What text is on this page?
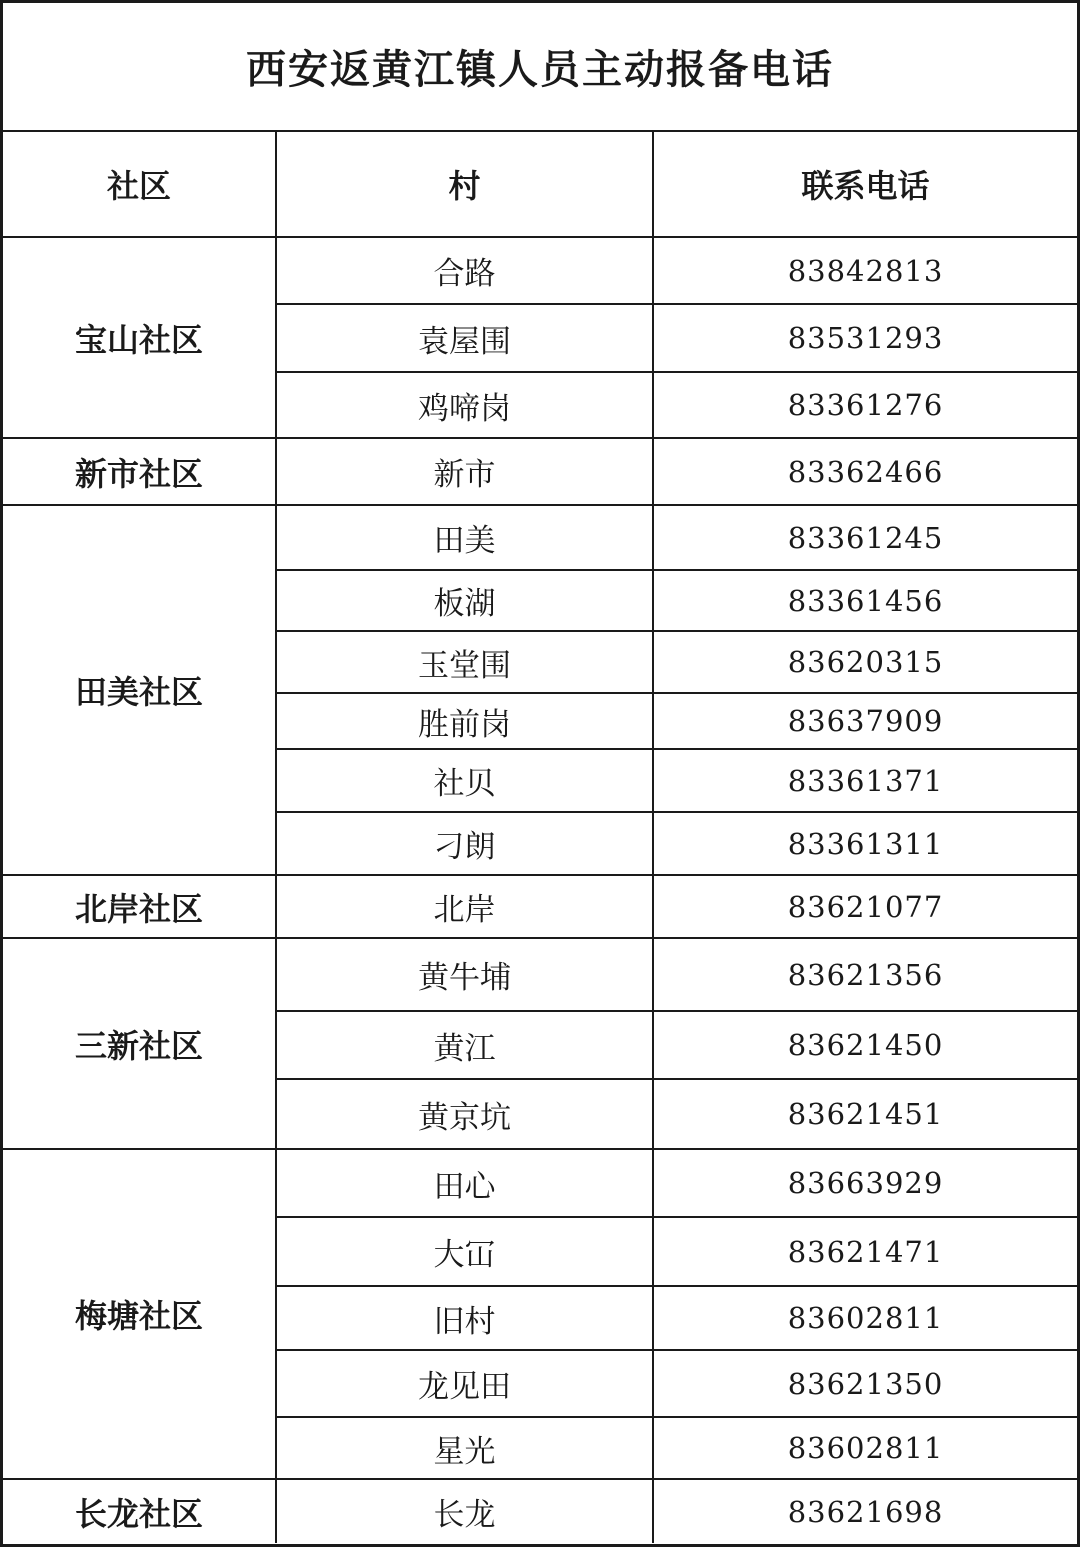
西安返黄江镇人员主动报备电话
社区	村	联系电话
宝山社区	合路	83842813
	袁屋围	83531293
	鸡啼岗	83361276
新市社区	新市	83362466
田美社区	田美	83361245
	板湖	83361456
	玉堂围	83620315
	胜前岗	83637909
	社贝	83361371
	刁朗	83361311
北岸社区	北岸	83621077
三新社区	黄牛埔	83621356
	黄江	83621450
	黄京坑	83621451
梅塘社区	田心	83663929
	大冚	83621471
	旧村	83602811
	龙见田	83621350
	星光	83602811
长龙社区	长龙	83621698
